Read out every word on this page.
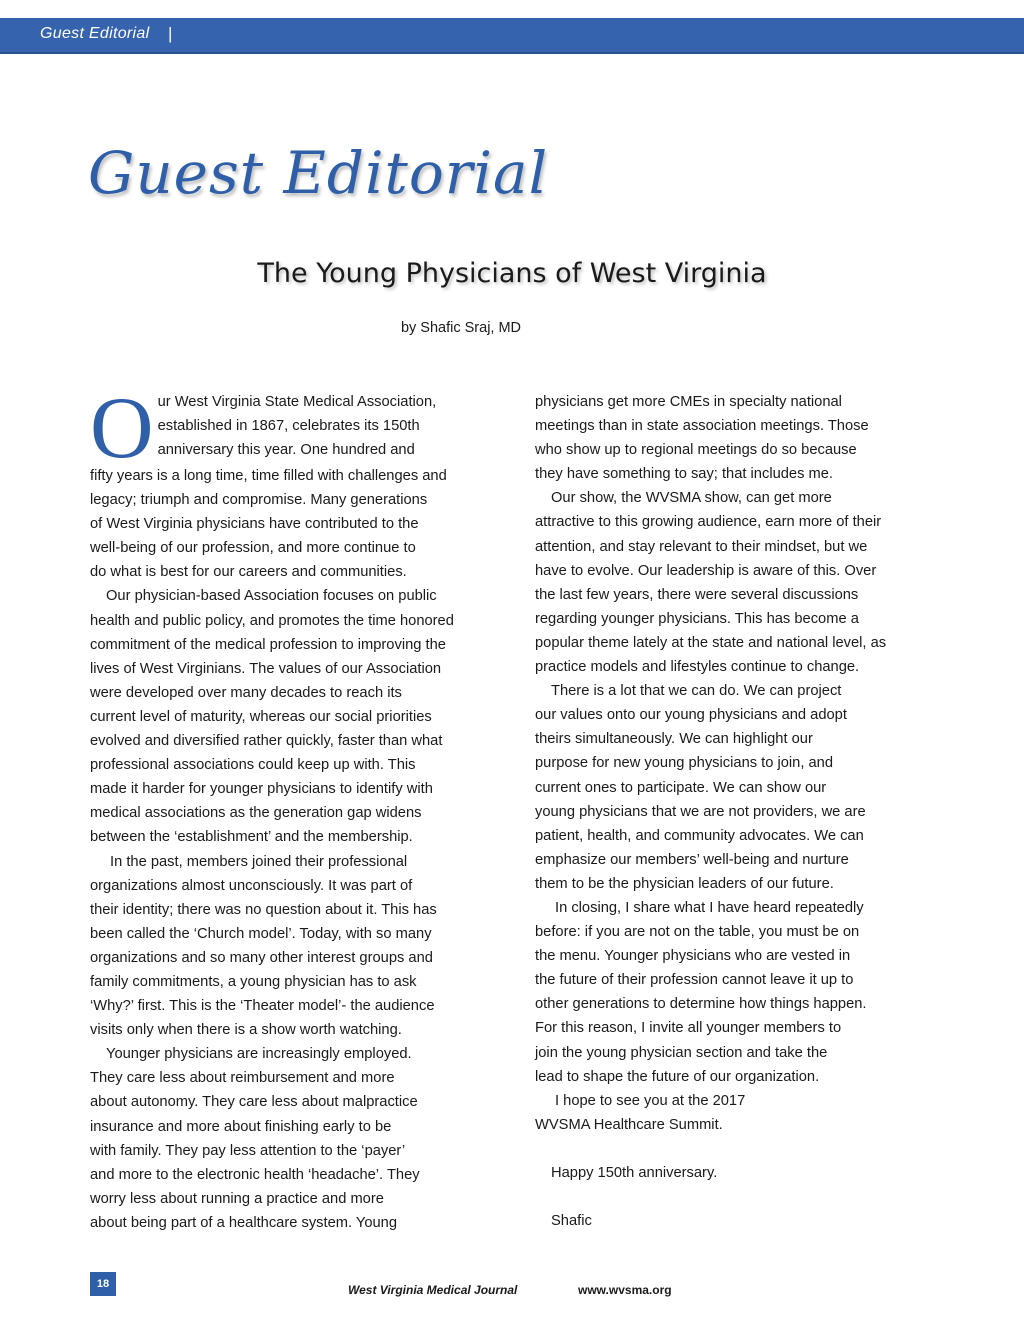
Guest Editorial |
Guest Editorial
The Young Physicians of West Virginia
by Shafic Sraj, MD

O ur West Virginia State Medical Association,
established in 1867, celebrates its 150th
anniversary this year. One hundred and
fifty years is a long time, time filled with challenges and
legacy; triumph and compromise. Many generations
of West Virginia physicians have contributed to the
well-being of our profession, and more continue to
do what is best for our careers and communities.

Our physician-based Association focuses on public
health and public policy, and promotes the time honored
commitment of the medical profession to improving the
lives of West Virginians. The values of our Association
were developed over many decades to reach its
current level of maturity, whereas our social priorities
evolved and diversified rather quickly, faster than what
professional associations could keep up with. This
made it harder for younger physicians to identify with
medical associations as the generation gap widens
between the ‘establishment’ and the membership.

In the past, members joined their professional
organizations almost unconsciously. It was part of
their identity; there was no question about it. This has
been called the ‘Church model’. Today, with so many
organizations and so many other interest groups and
family commitments, a young physician has to ask
‘Why?’ first. This is the ‘Theater model’- the audience
visits only when there is a show worth watching.

Younger physicians are increasingly employed.
They care less about reimbursement and more
about autonomy. They care less about malpractice
insurance and more about finishing early to be
with family. They pay less attention to the ‘payer’
and more to the electronic health ‘headache’. They
worry less about running a practice and more
about being part of a healthcare system. Young

physicians get more CMEs in specialty national
meetings than in state association meetings. Those
who show up to regional meetings do so because
they have something to say; that includes me.

Our show, the WVSMA show, can get more
attractive to this growing audience, earn more of their
attention, and stay relevant to their mindset, but we
have to evolve. Our leadership is aware of this. Over
the last few years, there were several discussions
regarding younger physicians. This has become a
popular theme lately at the state and national level, as
practice models and lifestyles continue to change.

There is a lot that we can do. We can project
our values onto our young physicians and adopt
theirs simultaneously. We can highlight our
purpose for new young physicians to join, and
current ones to participate. We can show our
young physicians that we are not providers, we are
patient, health, and community advocates. We can
emphasize our members’ well-being and nurture
them to be the physician leaders of our future.

In closing, I share what I have heard repeatedly
before: if you are not on the table, you must be on
the menu. Younger physicians who are vested in
the future of their profession cannot leave it up to
other generations to determine how things happen.
For this reason, I invite all younger members to
join the young physician section and take the
lead to shape the future of our organization.

I hope to see you at the 2017
WVSMA Healthcare Summit.

Happy 150th anniversary.
Shafic

18	West Virginia Medical Journal	www.wvsma.org
